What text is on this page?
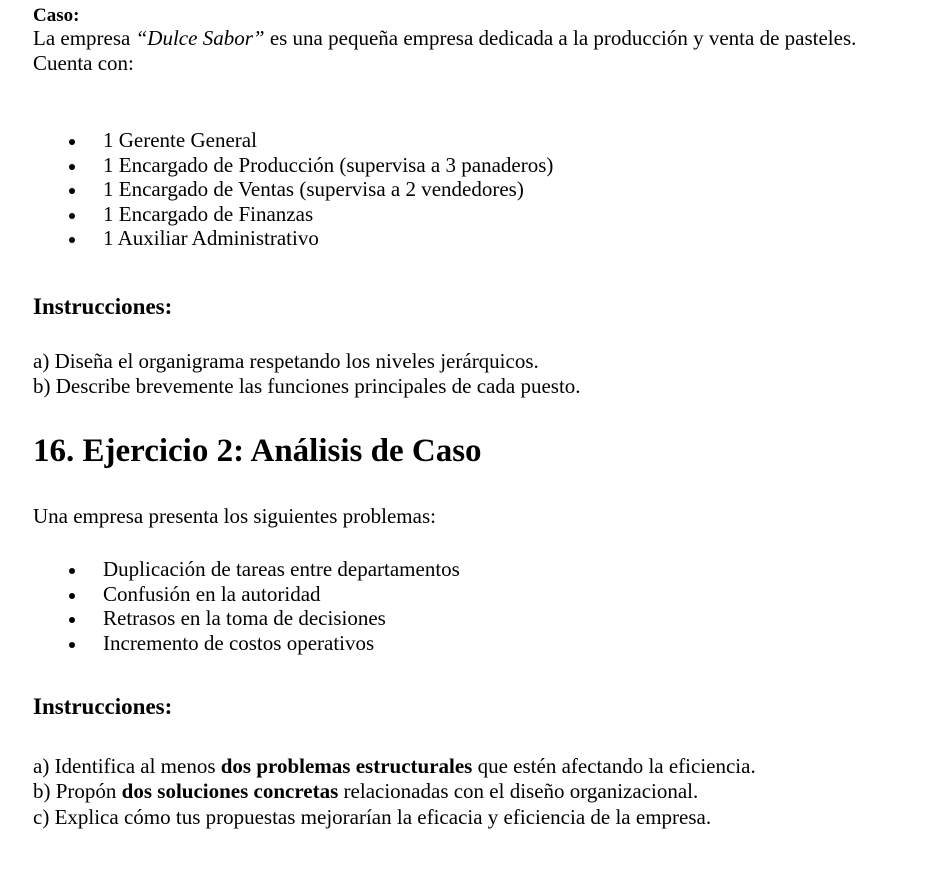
Caso:

La empresa “Dulce Sabor” es una pequeña empresa dedicada a la producción y venta de pasteles. Cuenta con:

1 Gerente General
1 Encargado de Producción (supervisa a 3 panaderos)
1 Encargado de Ventas (supervisa a 2 vendedores)
1 Encargado de Finanzas
1 Auxiliar Administrativo
Instrucciones:

a) Diseña el organigrama respetando los niveles jerárquicos.

b) Describe brevemente las funciones principales de cada puesto.

16. Ejercicio 2: Análisis de Caso

Una empresa presenta los siguientes problemas:

Duplicación de tareas entre departamentos
Confusión en la autoridad
Retrasos en la toma de decisiones
Incremento de costos operativos
Instrucciones:

a) Identifica al menos dos problemas estructurales que estén afectando la eficiencia.

b) Propón dos soluciones concretas relacionadas con el diseño organizacional.

c) Explica cómo tus propuestas mejorarían la eficacia y eficiencia de la empresa.
